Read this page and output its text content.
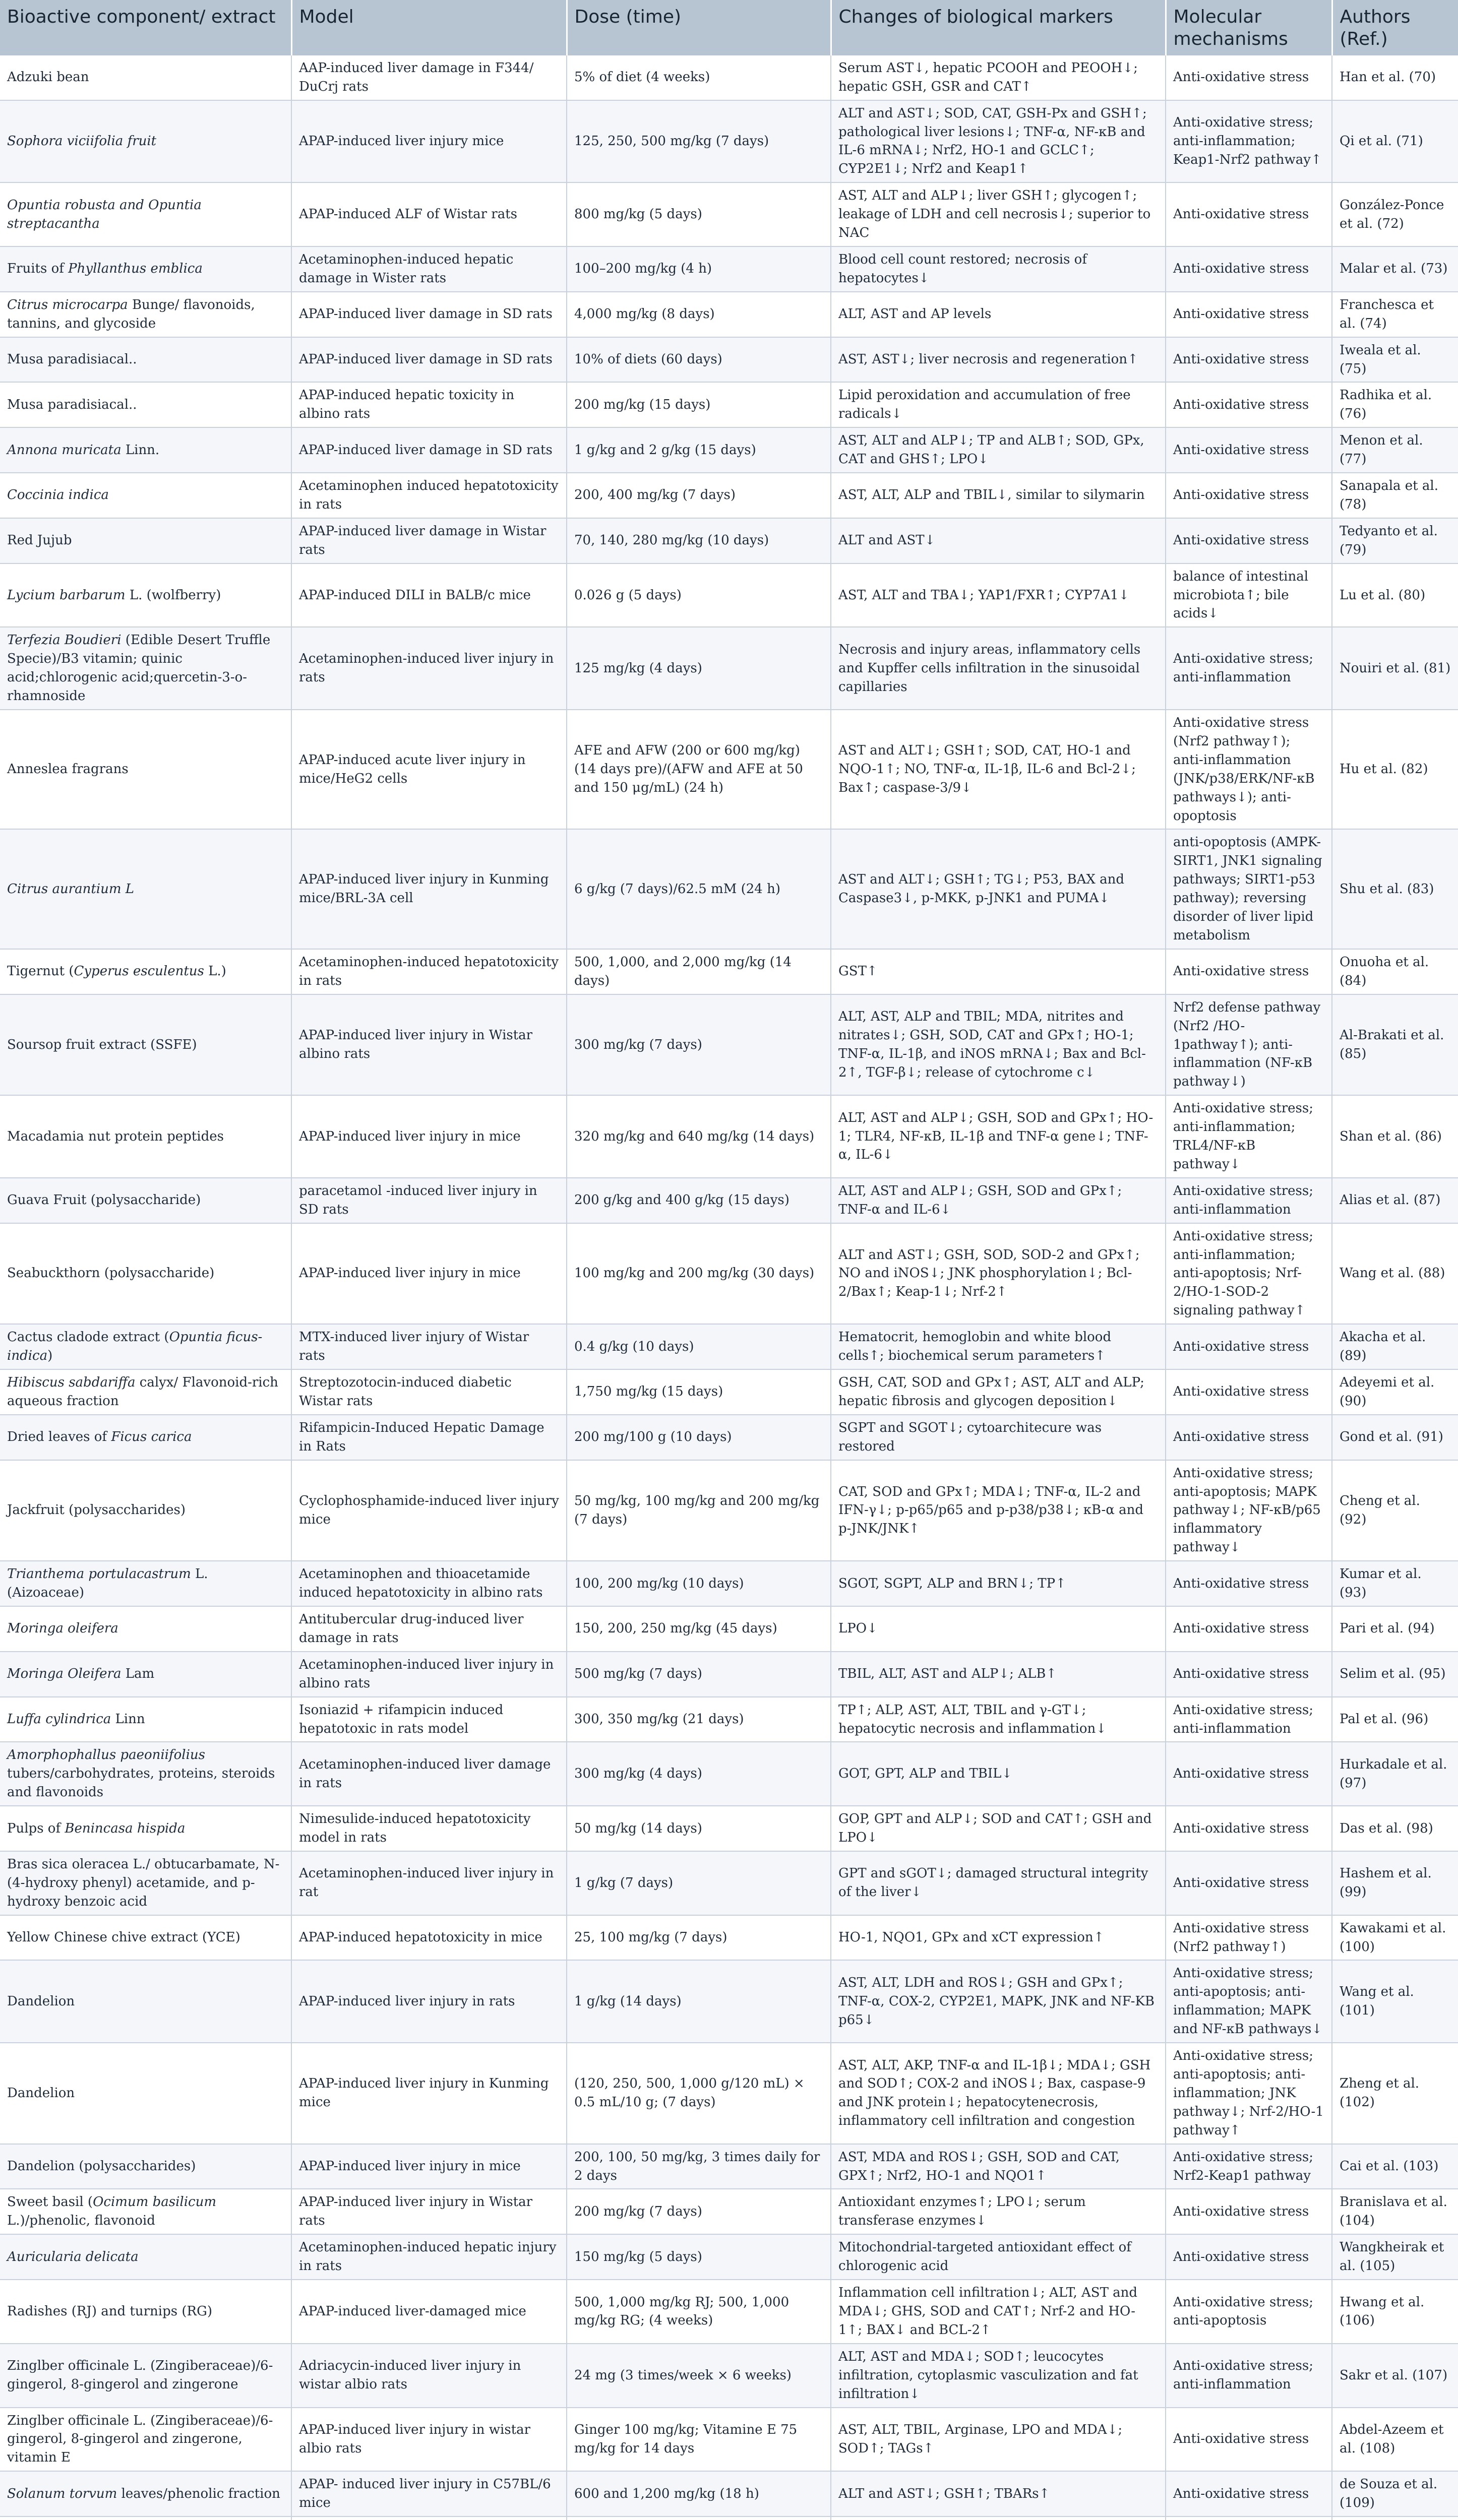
Bioactive component/ extract	Model	Dose (time)	Changes of biological markers	Molecular mechanisms	Authors (Ref.)
Adzuki bean	AAP-induced liver damage in F344/ DuCrj rats	5% of diet (4 weeks)	Serum AST↓, hepatic PCOOH and PEOOH↓; hepatic GSH, GSR and CAT↑	Anti-oxidative stress	Han et al. (70)
Sophora viciifolia fruit	APAP-induced liver injury mice	125, 250, 500 mg/kg (7 days)	ALT and AST↓; SOD, CAT, GSH-Px and GSH↑; pathological liver lesions↓; TNF-α, NF-κB and IL-6 mRNA↓; Nrf2, HO-1 and GCLC↑; CYP2E1↓; Nrf2 and Keap1↑	Anti-oxidative stress; anti-inflammation; Keap1-Nrf2 pathway↑	Qi et al. (71)
Opuntia robusta and Opuntia streptacantha	APAP-induced ALF of Wistar rats	800 mg/kg (5 days)	AST, ALT and ALP↓; liver GSH↑; glycogen↑; leakage of LDH and cell necrosis↓; superior to NAC	Anti-oxidative stress	González-Ponce et al. (72)
Fruits of Phyllanthus emblica	Acetaminophen-induced hepatic damage in Wister rats	100–200 mg/kg (4 h)	Blood cell count restored; necrosis of hepatocytes↓	Anti-oxidative stress	Malar et al. (73)
Citrus microcarpa Bunge/ flavonoids, tannins, and glycoside	APAP-induced liver damage in SD rats	4,000 mg/kg (8 days)	ALT, AST and AP levels	Anti-oxidative stress	Franchesca et al. (74)
Musa paradisiacal..	APAP-induced liver damage in SD rats	10% of diets (60 days)	AST, AST↓; liver necrosis and regeneration↑	Anti-oxidative stress	Iweala et al. (75)
Musa paradisiacal..	APAP-induced hepatic toxicity in albino rats	200 mg/kg (15 days)	Lipid peroxidation and accumulation of free radicals↓	Anti-oxidative stress	Radhika et al. (76)
Annona muricata Linn.	APAP-induced liver damage in SD rats	1 g/kg and 2 g/kg (15 days)	AST, ALT and ALP↓; TP and ALB↑; SOD, GPx, CAT and GHS↑; LPO↓	Anti-oxidative stress	Menon et al. (77)
Coccinia indica	Acetaminophen induced hepatotoxicity in rats	200, 400 mg/kg (7 days)	AST, ALT, ALP and TBIL↓, similar to silymarin	Anti-oxidative stress	Sanapala et al. (78)
Red Jujub	APAP-induced liver damage in Wistar rats	70, 140, 280 mg/kg (10 days)	ALT and AST↓	Anti-oxidative stress	Tedyanto et al. (79)
Lycium barbarum L. (wolfberry)	APAP-induced DILI in BALB/c mice	0.026 g (5 days)	AST, ALT and TBA↓; YAP1/FXR↑; CYP7A1↓	balance of intestinal microbiota↑; bile acids↓	Lu et al. (80)
Terfezia Boudieri (Edible Desert Truffle Specie)/B3 vitamin; quinic acid;chlorogenic acid;quercetin-3-o-rhamnoside	Acetaminophen-induced liver injury in rats	125 mg/kg (4 days)	Necrosis and injury areas, inflammatory cells and Kupffer cells infiltration in the sinusoidal capillaries	Anti-oxidative stress; anti-inflammation	Nouiri et al. (81)
Anneslea fragrans	APAP-induced acute liver injury in mice/HeG2 cells	AFE and AFW (200 or 600 mg/kg) (14 days pre)/(AFW and AFE at 50 and 150 μg/mL) (24 h)	AST and ALT↓; GSH↑; SOD, CAT, HO-1 and NQO-1↑; NO, TNF-α, IL-1β, IL-6 and Bcl-2↓; Bax↑; caspase-3/9↓	Anti-oxidative stress (Nrf2 pathway↑); anti-inflammation (JNK/p38/ERK/NF-κB pathways↓); anti-opoptosis	Hu et al. (82)
Citrus aurantium L	APAP-induced liver injury in Kunming mice/BRL-3A cell	6 g/kg (7 days)/62.5 mM (24 h)	AST and ALT↓; GSH↑; TG↓; P53, BAX and Caspase3↓, p-MKK, p-JNK1 and PUMA↓	anti-opoptosis (AMPK-SIRT1, JNK1 signaling pathways; SIRT1-p53 pathway); reversing disorder of liver lipid metabolism	Shu et al. (83)
Tigernut (Cyperus esculentus L.)	Acetaminophen-induced hepatotoxicity in rats	500, 1,000, and 2,000 mg/kg (14 days)	GST↑	Anti-oxidative stress	Onuoha et al. (84)
Soursop fruit extract (SSFE)	APAP-induced liver injury in Wistar albino rats	300 mg/kg (7 days)	ALT, AST, ALP and TBIL; MDA, nitrites and nitrates↓; GSH, SOD, CAT and GPx↑; HO-1; TNF-α, IL-1β, and iNOS mRNA↓; Bax and Bcl-2↑, TGF-β↓; release of cytochrome c↓	Nrf2 defense pathway (Nrf2 /HO-1pathway↑); anti-inflammation (NF-κB pathway↓)	Al-Brakati et al. (85)
Macadamia nut protein peptides	APAP-induced liver injury in mice	320 mg/kg and 640 mg/kg (14 days)	ALT, AST and ALP↓; GSH, SOD and GPx↑; HO-1; TLR4, NF-κB, IL-1β and TNF-α gene↓; TNF-α, IL-6↓	Anti-oxidative stress; anti-inflammation; TRL4/NF-κB pathway↓	Shan et al. (86)
Guava Fruit (polysaccharide)	paracetamol -induced liver injury in SD rats	200 g/kg and 400 g/kg (15 days)	ALT, AST and ALP↓; GSH, SOD and GPx↑; TNF-α and IL-6↓	Anti-oxidative stress; anti-inflammation	Alias et al. (87)
Seabuckthorn (polysaccharide)	APAP-induced liver injury in mice	100 mg/kg and 200 mg/kg (30 days)	ALT and AST↓; GSH, SOD, SOD-2 and GPx↑; NO and iNOS↓; JNK phosphorylation↓; Bcl-2/Bax↑; Keap-1↓; Nrf-2↑	Anti-oxidative stress; anti-inflammation; anti-apoptosis; Nrf-2/HO-1-SOD-2 signaling pathway↑	Wang et al. (88)
Cactus cladode extract (Opuntia ficus-indica)	MTX-induced liver injury of Wistar rats	0.4 g/kg (10 days)	Hematocrit, hemoglobin and white blood cells↑; biochemical serum parameters↑	Anti-oxidative stress	Akacha et al. (89)
Hibiscus sabdariffa calyx/ Flavonoid-rich aqueous fraction	Streptozotocin-induced diabetic Wistar rats	1,750 mg/kg (15 days)	GSH, CAT, SOD and GPx↑; AST, ALT and ALP; hepatic fibrosis and glycogen deposition↓	Anti-oxidative stress	Adeyemi et al. (90)
Dried leaves of Ficus carica	Rifampicin-Induced Hepatic Damage in Rats	200 mg/100 g (10 days)	SGPT and SGOT↓; cytoarchitecure was restored	Anti-oxidative stress	Gond et al. (91)
Jackfruit (polysaccharides)	Cyclophosphamide-induced liver injury mice	50 mg/kg, 100 mg/kg and 200 mg/kg (7 days)	CAT, SOD and GPx↑; MDA↓; TNF-α, IL-2 and IFN-γ↓; p-p65/p65 and p-p38/p38↓; κB-α and p-JNK/JNK↑	Anti-oxidative stress; anti-apoptosis; MAPK pathway↓; NF-κB/p65 inflammatory pathway↓	Cheng et al. (92)
Trianthema portulacastrum L. (Aizoaceae)	Acetaminophen and thioacetamide induced hepatotoxicity in albino rats	100, 200 mg/kg (10 days)	SGOT, SGPT, ALP and BRN↓; TP↑	Anti-oxidative stress	Kumar et al. (93)
Moringa oleifera	Antitubercular drug-induced liver damage in rats	150, 200, 250 mg/kg (45 days)	LPO↓	Anti-oxidative stress	Pari et al. (94)
Moringa Oleifera Lam	Acetaminophen-induced liver injury in albino rats	500 mg/kg (7 days)	TBIL, ALT, AST and ALP↓; ALB↑	Anti-oxidative stress	Selim et al. (95)
Luffa cylindrica Linn	Isoniazid + rifampicin induced hepatotoxic in rats model	300, 350 mg/kg (21 days)	TP↑; ALP, AST, ALT, TBIL and γ-GT↓; hepatocytic necrosis and inflammation↓	Anti-oxidative stress; anti-inflammation	Pal et al. (96)
Amorphophallus paeoniifolius tubers/carbohydrates, proteins, steroids and flavonoids	Acetaminophen-induced liver damage in rats	300 mg/kg (4 days)	GOT, GPT, ALP and TBIL↓	Anti-oxidative stress	Hurkadale et al. (97)
Pulps of Benincasa hispida	Nimesulide-induced hepatotoxicity model in rats	50 mg/kg (14 days)	GOP, GPT and ALP↓; SOD and CAT↑; GSH and LPO↓	Anti-oxidative stress	Das et al. (98)
Bras sica oleracea L./ obtucarbamate, N-(4-hydroxy phenyl) acetamide, and p-hydroxy benzoic acid	Acetaminophen-induced liver injury in rat	1 g/kg (7 days)	GPT and sGOT↓; damaged structural integrity of the liver↓	Anti-oxidative stress	Hashem et al. (99)
Yellow Chinese chive extract (YCE)	APAP-induced hepatotoxicity in mice	25, 100 mg/kg (7 days)	HO-1, NQO1, GPx and xCT expression↑	Anti-oxidative stress (Nrf2 pathway↑)	Kawakami et al. (100)
Dandelion	APAP-induced liver injury in rats	1 g/kg (14 days)	AST, ALT, LDH and ROS↓; GSH and GPx↑; TNF-α, COX-2, CYP2E1, MAPK, JNK and NF-KB p65↓	Anti-oxidative stress; anti-apoptosis; anti-inflammation; MAPK and NF-κB pathways↓	Wang et al. (101)
Dandelion	APAP-induced liver injury in Kunming mice	(120, 250, 500, 1,000 g/120 mL) × 0.5 mL/10 g; (7 days)	AST, ALT, AKP, TNF-α and IL-1β↓; MDA↓; GSH and SOD↑; COX-2 and iNOS↓; Bax, caspase-9 and JNK protein↓; hepatocytenecrosis, inflammatory cell infiltration and congestion	Anti-oxidative stress; anti-apoptosis; anti-inflammation; JNK pathway↓; Nrf-2/HO-1 pathway↑	Zheng et al. (102)
Dandelion (polysaccharides)	APAP-induced liver injury in mice	200, 100, 50 mg/kg, 3 times daily for 2 days	AST, MDA and ROS↓; GSH, SOD and CAT, GPX↑; Nrf2, HO-1 and NQO1↑	Anti-oxidative stress; Nrf2-Keap1 pathway	Cai et al. (103)
Sweet basil (Ocimum basilicum L.)/phenolic, flavonoid	APAP-induced liver injury in Wistar rats	200 mg/kg (7 days)	Antioxidant enzymes↑; LPO↓; serum transferase enzymes↓	Anti-oxidative stress	Branislava et al. (104)
Auricularia delicata	Acetaminophen-induced hepatic injury in rats	150 mg/kg (5 days)	Mitochondrial-targeted antioxidant effect of chlorogenic acid	Anti-oxidative stress	Wangkheirak et al. (105)
Radishes (RJ) and turnips (RG)	APAP-induced liver-damaged mice	500, 1,000 mg/kg RJ; 500, 1,000 mg/kg RG; (4 weeks)	Inflammation cell infiltration↓; ALT, AST and MDA↓; GHS, SOD and CAT↑; Nrf-2 and HO-1↑; BAX↓ and BCL-2↑	Anti-oxidative stress; anti-apoptosis	Hwang et al. (106)
Zinglber officinale L. (Zingiberaceae)/6-gingerol, 8-gingerol and zingerone	Adriacycin-induced liver injury in wistar albio rats	24 mg (3 times/week × 6 weeks)	ALT, AST and MDA↓; SOD↑; leucocytes infiltration, cytoplasmic vasculization and fat infiltration↓	Anti-oxidative stress; anti-inflammation	Sakr et al. (107)
Zinglber officinale L. (Zingiberaceae)/6-gingerol, 8-gingerol and zingerone, vitamin E	APAP-induced liver injury in wistar albio rats	Ginger 100 mg/kg; Vitamine E 75 mg/kg for 14 days	AST, ALT, TBIL, Arginase, LPO and MDA↓; SOD↑; TAGs↑	Anti-oxidative stress	Abdel-Azeem et al. (108)
Solanum torvum leaves/phenolic fraction	APAP- induced liver injury in C57BL/6 mice	600 and 1,200 mg/kg (18 h)	ALT and AST↓; GSH↑; TBARs↑	Anti-oxidative stress	de Souza et al. (109)
